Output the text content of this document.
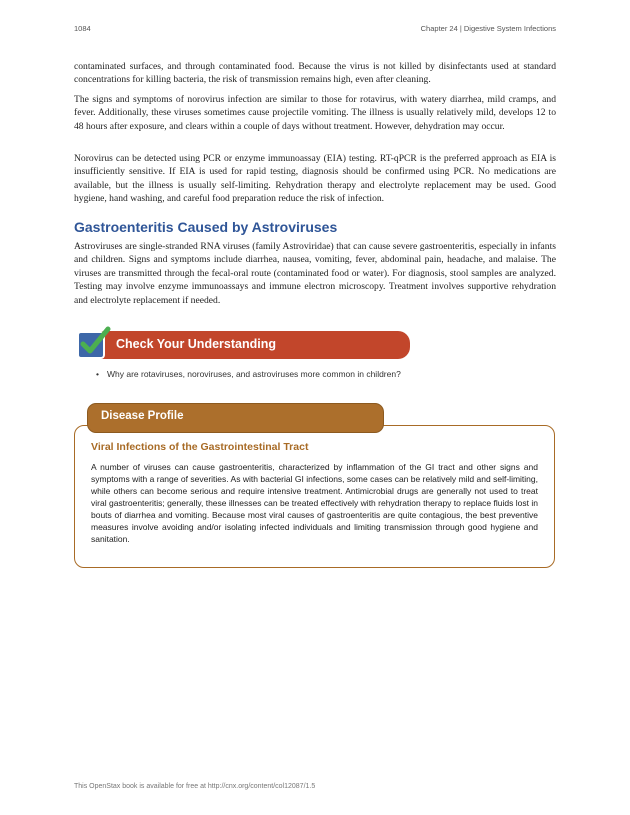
1084	Chapter 24 | Digestive System Infections

contaminated surfaces, and through contaminated food. Because the virus is not killed by disinfectants used at standard concentrations for killing bacteria, the risk of transmission remains high, even after cleaning.

The signs and symptoms of norovirus infection are similar to those for rotavirus, with watery diarrhea, mild cramps, and fever. Additionally, these viruses sometimes cause projectile vomiting. The illness is usually relatively mild, develops 12 to 48 hours after exposure, and clears within a couple of days without treatment. However, dehydration may occur.

Norovirus can be detected using PCR or enzyme immunoassay (EIA) testing. RT-qPCR is the preferred approach as EIA is insufficiently sensitive. If EIA is used for rapid testing, diagnosis should be confirmed using PCR. No medications are available, but the illness is usually self-limiting. Rehydration therapy and electrolyte replacement may be used. Good hygiene, hand washing, and careful food preparation reduce the risk of infection.

Gastroenteritis Caused by Astroviruses

Astroviruses are single-stranded RNA viruses (family Astroviridae) that can cause severe gastroenteritis, especially in infants and children. Signs and symptoms include diarrhea, nausea, vomiting, fever, abdominal pain, headache, and malaise. The viruses are transmitted through the fecal-oral route (contaminated food or water). For diagnosis, stool samples are analyzed. Testing may involve enzyme immunoassays and immune electron microscopy. Treatment involves supportive rehydration and electrolyte replacement if needed.

Check Your Understanding
• Why are rotaviruses, noroviruses, and astroviruses more common in children?
Disease Profile
Viral Infections of the Gastrointestinal Tract

A number of viruses can cause gastroenteritis, characterized by inflammation of the GI tract and other signs and symptoms with a range of severities. As with bacterial GI infections, some cases can be relatively mild and self-limiting, while others can become serious and require intensive treatment. Antimicrobial drugs are generally not used to treat viral gastroenteritis; generally, these illnesses can be treated effectively with rehydration therapy to replace fluids lost in bouts of diarrhea and vomiting. Because most viral causes of gastroenteritis are quite contagious, the best preventive measures involve avoiding and/or isolating infected individuals and limiting transmission through good hygiene and sanitation.

This OpenStax book is available for free at http://cnx.org/content/col12087/1.5
